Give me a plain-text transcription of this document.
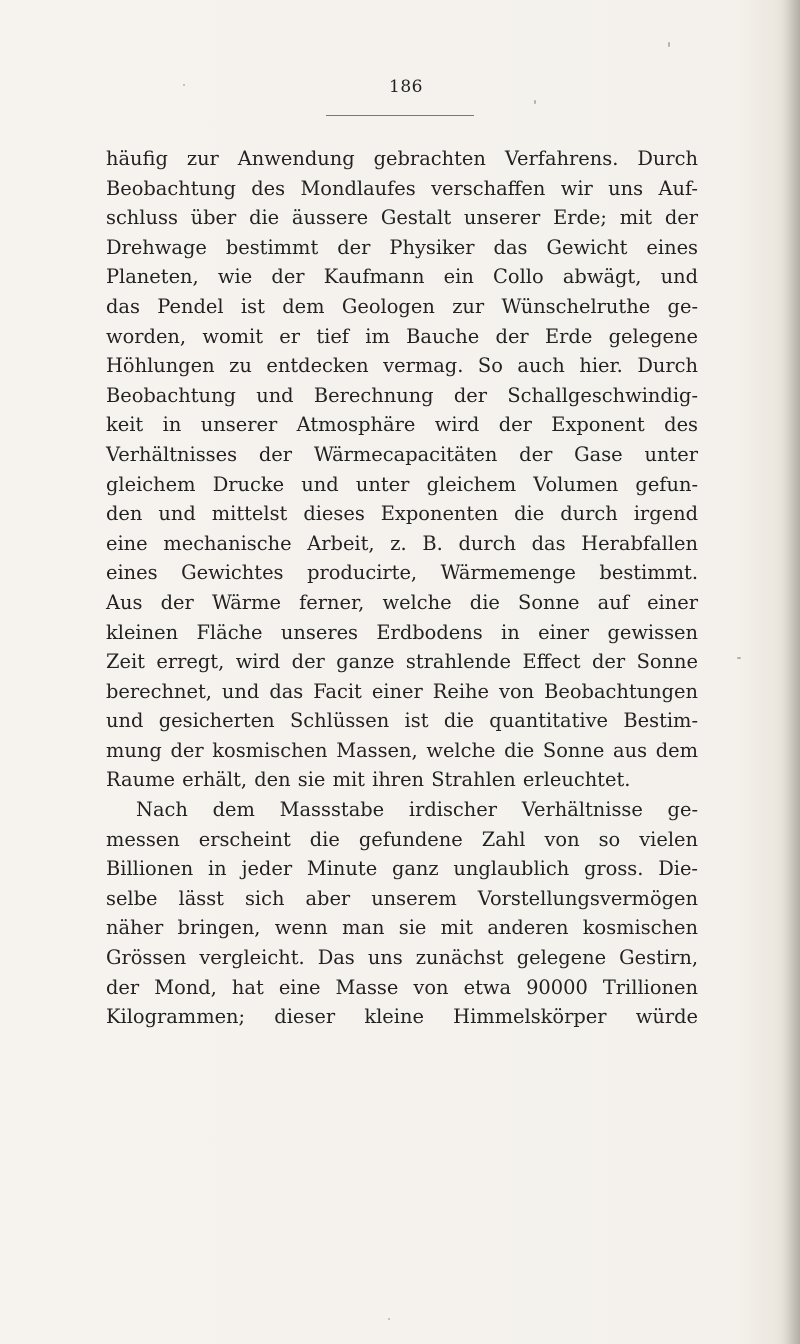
186
häufig zur Anwendung gebrachten Verfahrens. Durch
Beobachtung des Mondlaufes verschaffen wir uns Auf-
schluss über die äussere Gestalt unserer Erde; mit der
Drehwage bestimmt der Physiker das Gewicht eines
Planeten, wie der Kaufmann ein Collo abwägt, und
das Pendel ist dem Geologen zur Wünschelruthe ge-
worden, womit er tief im Bauche der Erde gelegene
Höhlungen zu entdecken vermag. So auch hier. Durch
Beobachtung und Berechnung der Schallgeschwindig-
keit in unserer Atmosphäre wird der Exponent des
Verhältnisses der Wärmecapacitäten der Gase unter
gleichem Drucke und unter gleichem Volumen gefun-
den und mittelst dieses Exponenten die durch irgend
eine mechanische Arbeit, z. B. durch das Herabfallen
eines Gewichtes producirte, Wärmemenge bestimmt.
Aus der Wärme ferner, welche die Sonne auf einer
kleinen Fläche unseres Erdbodens in einer gewissen
Zeit erregt, wird der ganze strahlende Effect der Sonne
berechnet, und das Facit einer Reihe von Beobachtungen
und gesicherten Schlüssen ist die quantitative Bestim-
mung der kosmischen Massen, welche die Sonne aus dem
Raume erhält, den sie mit ihren Strahlen erleuchtet.
Nach dem Massstabe irdischer Verhältnisse ge-
messen erscheint die gefundene Zahl von so vielen
Billionen in jeder Minute ganz unglaublich gross. Die-
selbe lässt sich aber unserem Vorstellungsvermögen
näher bringen, wenn man sie mit anderen kosmischen
Grössen vergleicht. Das uns zunächst gelegene Gestirn,
der Mond, hat eine Masse von etwa 90000 Trillionen
Kilogrammen; dieser kleine Himmelskörper würde
